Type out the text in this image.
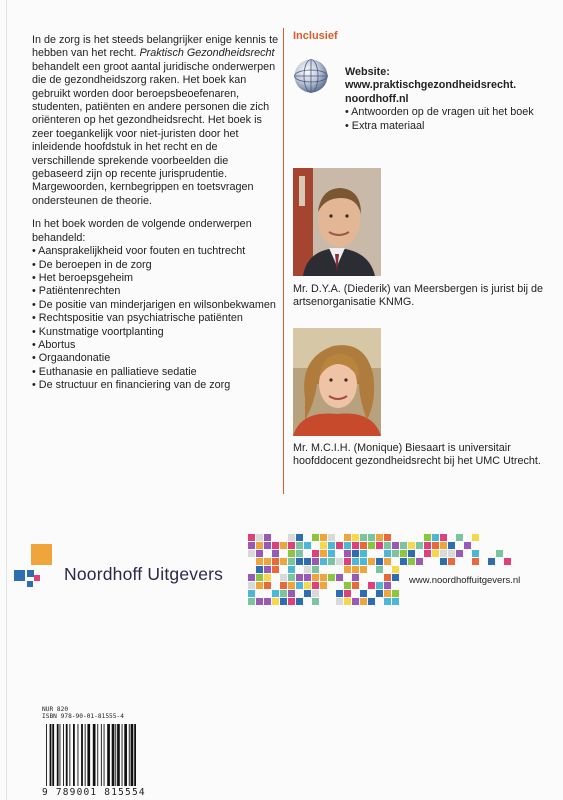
In de zorg is het steeds belangrijker enige kennis te hebben van het recht. Praktisch Gezondheidsrecht behandelt een groot aantal juridische onderwerpen die de gezondheidszorg raken. Het boek kan gebruikt worden door beroepsbeoefenaren, studenten, patiënten en andere personen die zich oriënteren op het gezondheidsrecht. Het boek is zeer toegankelijk voor niet-juristen door het inleidende hoofdstuk in het recht en de verschillende sprekende voorbeelden die gebaseerd zijn op recente jurisprudentie. Margewoorden, kernbegrippen en toetsvragen ondersteunen de theorie.

In het boek worden de volgende onderwerpen behandeld:

• Aansprakelijkheid voor fouten en tuchtrecht
• De beroepen in de zorg
• Het beroepsgeheim
• Patiëntenrechten
• De positie van minderjarigen en wilsonbekwamen
• Rechtspositie van psychiatrische patiënten
• Kunstmatige voortplanting
• Abortus
• Orgaandonatie
• Euthanasie en palliatieve sedatie
• De structuur en financiering van de zorg
Inclusief
Website:
www.praktischgezondheidsrecht. noordhoff.nl
• Antwoorden op de vragen uit het boek
• Extra materiaal
Mr. D.Y.A. (Diederik) van Meersbergen is jurist bij de artsenorganisatie KNMG.
Mr. M.C.I.H. (Monique) Biesaart is universitair hoofddocent gezondheidsrecht bij het UMC Utrecht.
Noordhoff Uitgevers	www.noordhoffuitgevers.nl
NUR 820
ISBN 978-90-01-81555-4
9 789001 815554
